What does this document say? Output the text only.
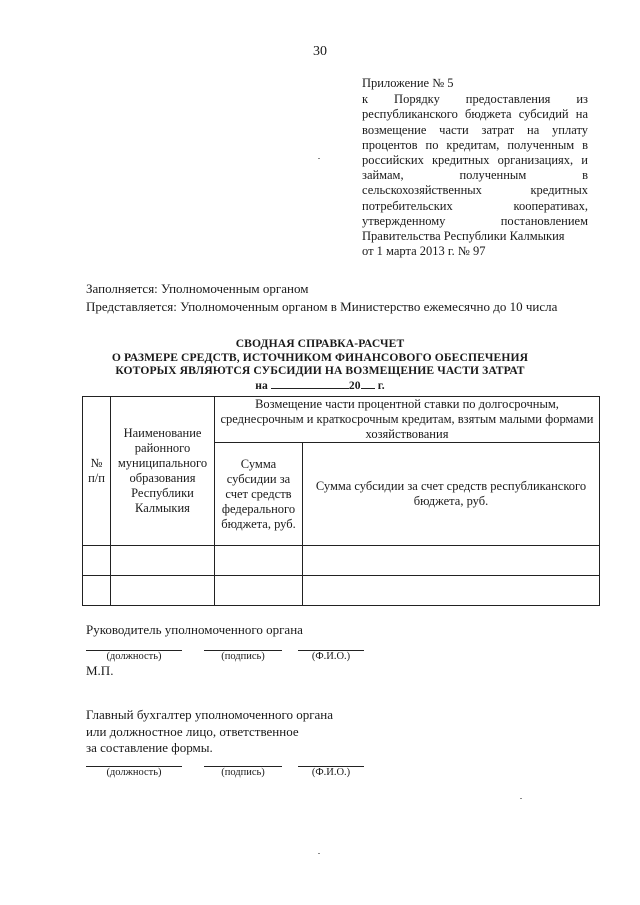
30
Приложение № 5
к Порядку предоставления из
республиканского бюджета субсидий на
возмещение части затрат на уплату
процентов по кредитам, полученным в
российских кредитных организациях, и
займам, полученным в
сельскохозяйственных кредитных
потребительских кооперативах,
утвержденному постановлением
Правительства Республики Калмыкия
от 1 марта 2013 г. № 97
Заполняется: Уполномоченным органом
Представляется: Уполномоченным органом в Министерство ежемесячно до 10 числа
СВОДНАЯ СПРАВКА-РАСЧЕТ
О РАЗМЕРЕ СРЕДСТВ, ИСТОЧНИКОМ ФИНАНСОВОГО ОБЕСПЕЧЕНИЯ
КОТОРЫХ ЯВЛЯЮТСЯ СУБСИДИИ НА ВОЗМЕЩЕНИЕ ЧАСТИ ЗАТРАТ
на	20 г.
№ п/п	Наименование районного муниципального образования Республики Калмыкия	Возмещение части процентной ставки по долгосрочным, среднесрочным и краткосрочным кредитам, взятым малыми формами хозяйствования	
		Сумма субсидии за счет средств федерального бюджета, руб.	Сумма субсидии за счет средств республиканского бюджета, руб.

Руководитель уполномоченного органа
(должность)	(подпись)	(Ф.И.О.)
М.П.
Главный бухгалтер уполномоченного органа
или должностное лицо, ответственное
за составление формы.
(должность)	(подпись)	(Ф.И.О.)
